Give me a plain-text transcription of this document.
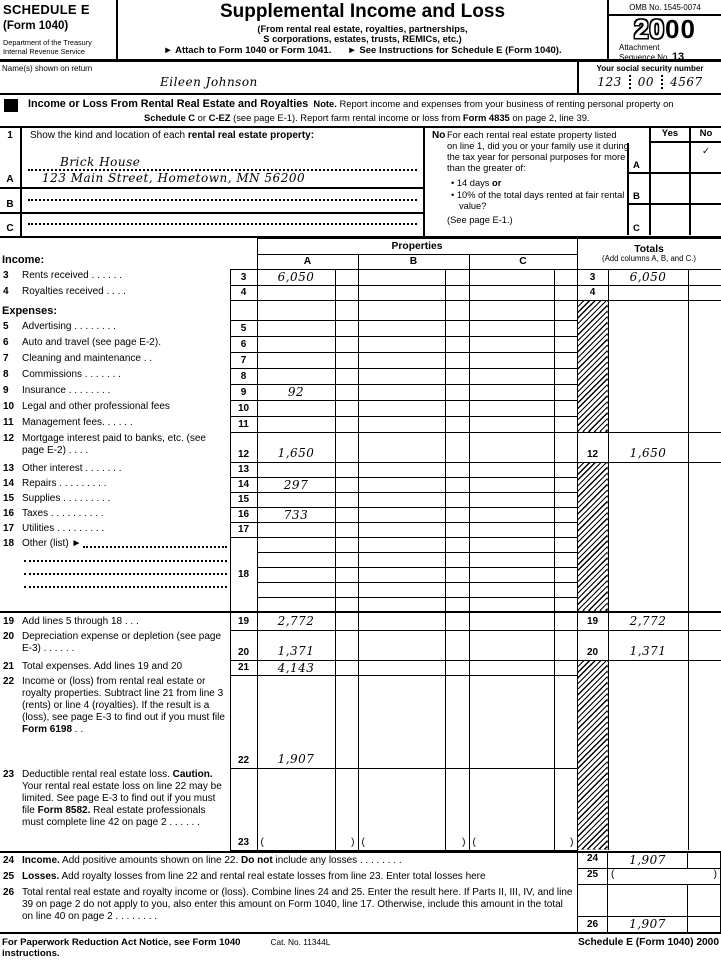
SCHEDULE E
(Form 1040)
Department of the Treasury
Internal Revenue Service
Supplemental Income and Loss
(From rental real estate, royalties, partnerships,
S corporations, estates, trusts, REMICs, etc.)
► Attach to Form 1040 or Form 1041. ► See Instructions for Schedule E (Form 1040).
OMB No. 1545-0074
2000
Attachment
Sequence No. 13
Name(s) shown on return
Eileen Johnson
Your social security number
123	00	4567

Income or Loss From Rental Real Estate and Royalties Note. Report income and expenses from your business of renting personal property on Schedule C or C-EZ (see page E-1). Report farm rental income or loss from Form 4835 on page 2, line 39.

1	Show the kind and location of each rental real estate property:
A
Brick House
123 Main Street, Hometown, MN 56200
B
C
No For each rental real estate property listed on line 1, did you or your family use it during the tax year for personal purposes for more than the greater of:
• 14 days or
• 10% of the total days rented at fair rental value?
(See page E-1.)
Yes	No
A
✓
B
C
Income:		Properties						Totals
(Add columns A, B, and C.)		

		A		B		C				

3 Rents received . . . . . .	3	6,050						3	6,050	

4 Royalties received . . . .	4							4		
Expenses:										

5 Advertising . . . . . . . .	5									

6 Auto and travel (see page E-2).	6									

7 Cleaning and maintenance . .	7									

8 Commissions . . . . . . .	8									

9 Insurance . . . . . . . .	9	92								

10 Legal and other professional fees	10									

11 Management fees. . . . . .	11									

12 Mortgage interest paid to banks, etc. (see page E-2) . . . .	12	1,650						12	1,650	

13 Other interest . . . . . . .	13									

14 Repairs . . . . . . . . .	14	297								

15 Supplies . . . . . . . . .	15									

16 Taxes . . . . . . . . . .	16	733								

17 Utilities . . . . . . . . .	17									

18 Other (list) ►	18									

19 Add lines 5 through 18 . . .	19	2,772						19	2,772	

20 Depreciation expense or depletion (see page E-3) . . . . . .	20	1,371						20	1,371	

21 Total expenses. Add lines 19 and 20	21	4,143								

22 Income or (loss) from rental real estate or royalty properties. Subtract line 21 from line 3 (rents) or line 4 (royalties). If the result is a (loss), see page E-3 to find out if you must file Form 6198 . .	22	1,907								

23 Deductible rental real estate loss. Caution. Your rental real estate loss on line 22 may be limited. See page E-3 to find out if you must file Form 8582. Real estate professionals must complete line 42 on page 2 . . . . . .	23	(	)	(	)	(	)			
24 Income. Add positive amounts shown on line 22. Do not include any losses . . . . . . . .	24	1,907
25 Losses. Add royalty losses from line 22 and rental real estate losses from line 23. Enter total losses here	25	(	)
26 Total rental real estate and royalty income or (loss). Combine lines 24 and 25. Enter the result here. If Parts II, III, IV, and line 39 on page 2 do not apply to you, also enter this amount on Form 1040, line 17. Otherwise, include this amount in the total on line 40 on page 2 . . . . . . . .
26	1,907
For Paperwork Reduction Act Notice, see Form 1040 instructions.
Cat. No. 11344L	Schedule E (Form 1040) 2000
